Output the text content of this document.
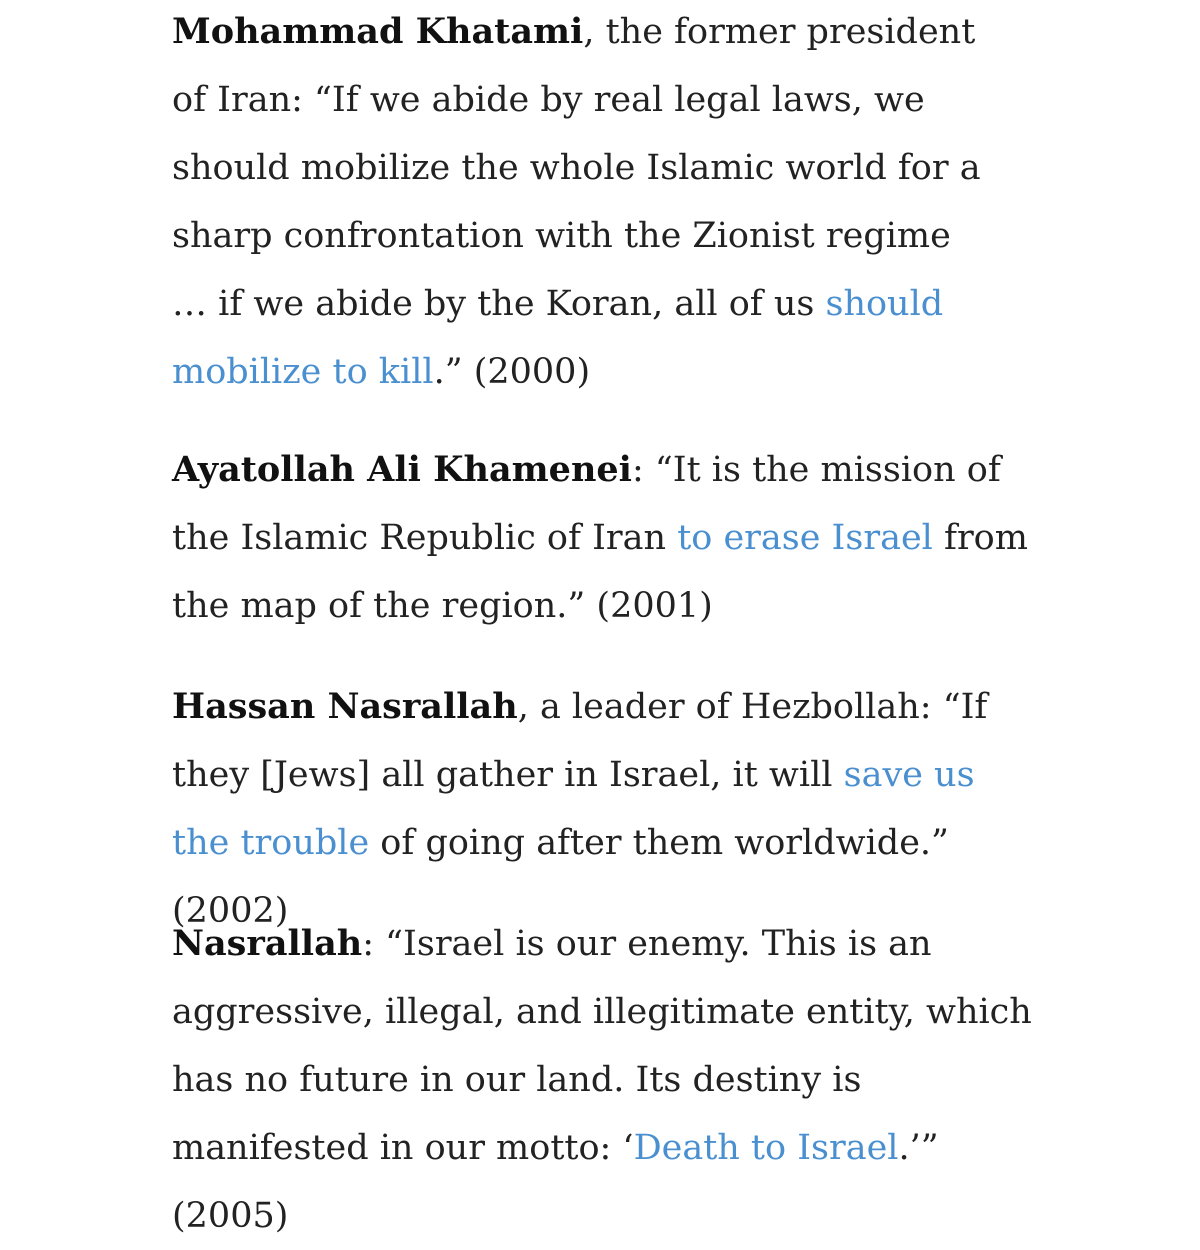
Mohammad Khatami, the former president of Iran: “If we abide by real legal laws, we should mobilize the whole Islamic world for a sharp confrontation with the Zionist regime … if we abide by the Koran, all of us should mobilize to kill.” (2000)

Ayatollah Ali Khamenei: “It is the mission of the Islamic Republic of Iran to erase Israel from the map of the region.” (2001)

Hassan Nasrallah, a leader of Hezbollah: “If they [Jews] all gather in Israel, it will save us the trouble of going after them worldwide.” (2002)

Nasrallah: “Israel is our enemy. This is an aggressive, illegal, and illegitimate entity, which has no future in our land. Its destiny is manifested in our motto: ‘Death to Israel.’” (2005)
